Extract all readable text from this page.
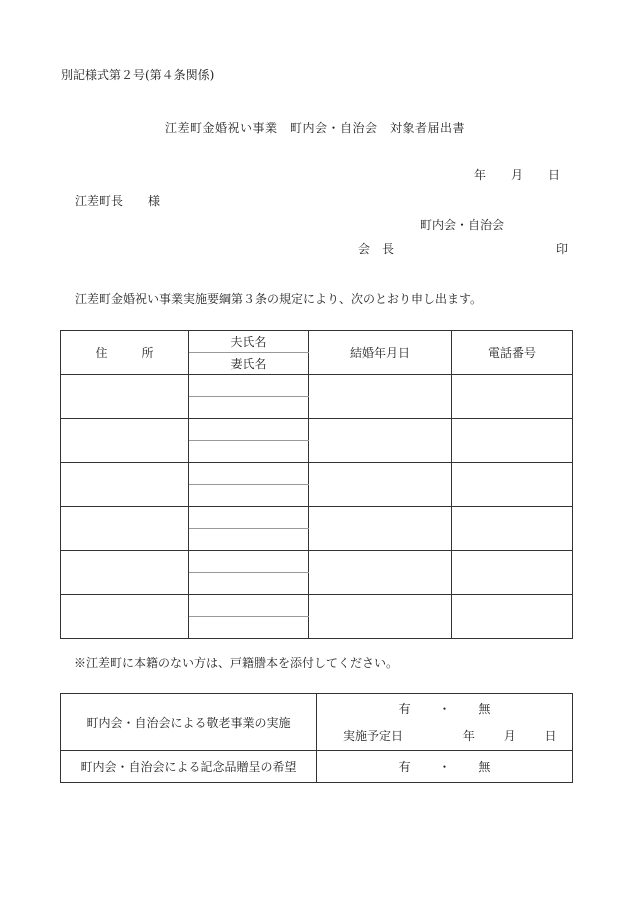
別記様式第２号(第４条関係)
江差町金婚祝い事業　町内会・自治会　対象者届出書
年 月 日
江差町長 様
町内会・自治会
会長	印
江差町金婚祝い事業実施要綱第３条の規定により、次のとおり申し出ます。
住所	夫氏名	結婚年月日	電話番号
	妻氏名		

※江差町に本籍のない方は、戸籍謄本を添付してください。
町内会・自治会による敬老事業の実施	有 ・ 無
実施予定日 年 月 日

町内会・自治会による記念品贈呈の希望	有 ・ 無
